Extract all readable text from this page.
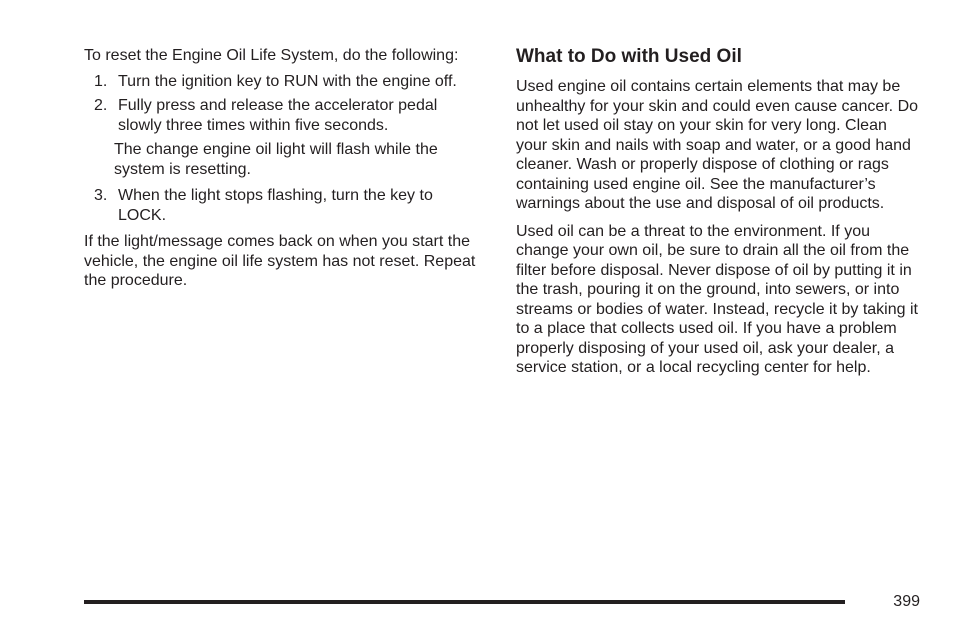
To reset the Engine Oil Life System, do the following:

1. Turn the ignition key to RUN with the engine off.
2. Fully press and release the accelerator pedal slowly three times within five seconds.

The change engine oil light will flash while the system is resetting.

3. When the light stops flashing, turn the key to LOCK.

If the light/message comes back on when you start the vehicle, the engine oil life system has not reset. Repeat the procedure.

What to Do with Used Oil

Used engine oil contains certain elements that may be unhealthy for your skin and could even cause cancer. Do not let used oil stay on your skin for very long. Clean your skin and nails with soap and water, or a good hand cleaner. Wash or properly dispose of clothing or rags containing used engine oil. See the manufacturer’s warnings about the use and disposal of oil products.

Used oil can be a threat to the environment. If you change your own oil, be sure to drain all the oil from the filter before disposal. Never dispose of oil by putting it in the trash, pouring it on the ground, into sewers, or into streams or bodies of water. Instead, recycle it by taking it to a place that collects used oil. If you have a problem properly disposing of your used oil, ask your dealer, a service station, or a local recycling center for help.

399
